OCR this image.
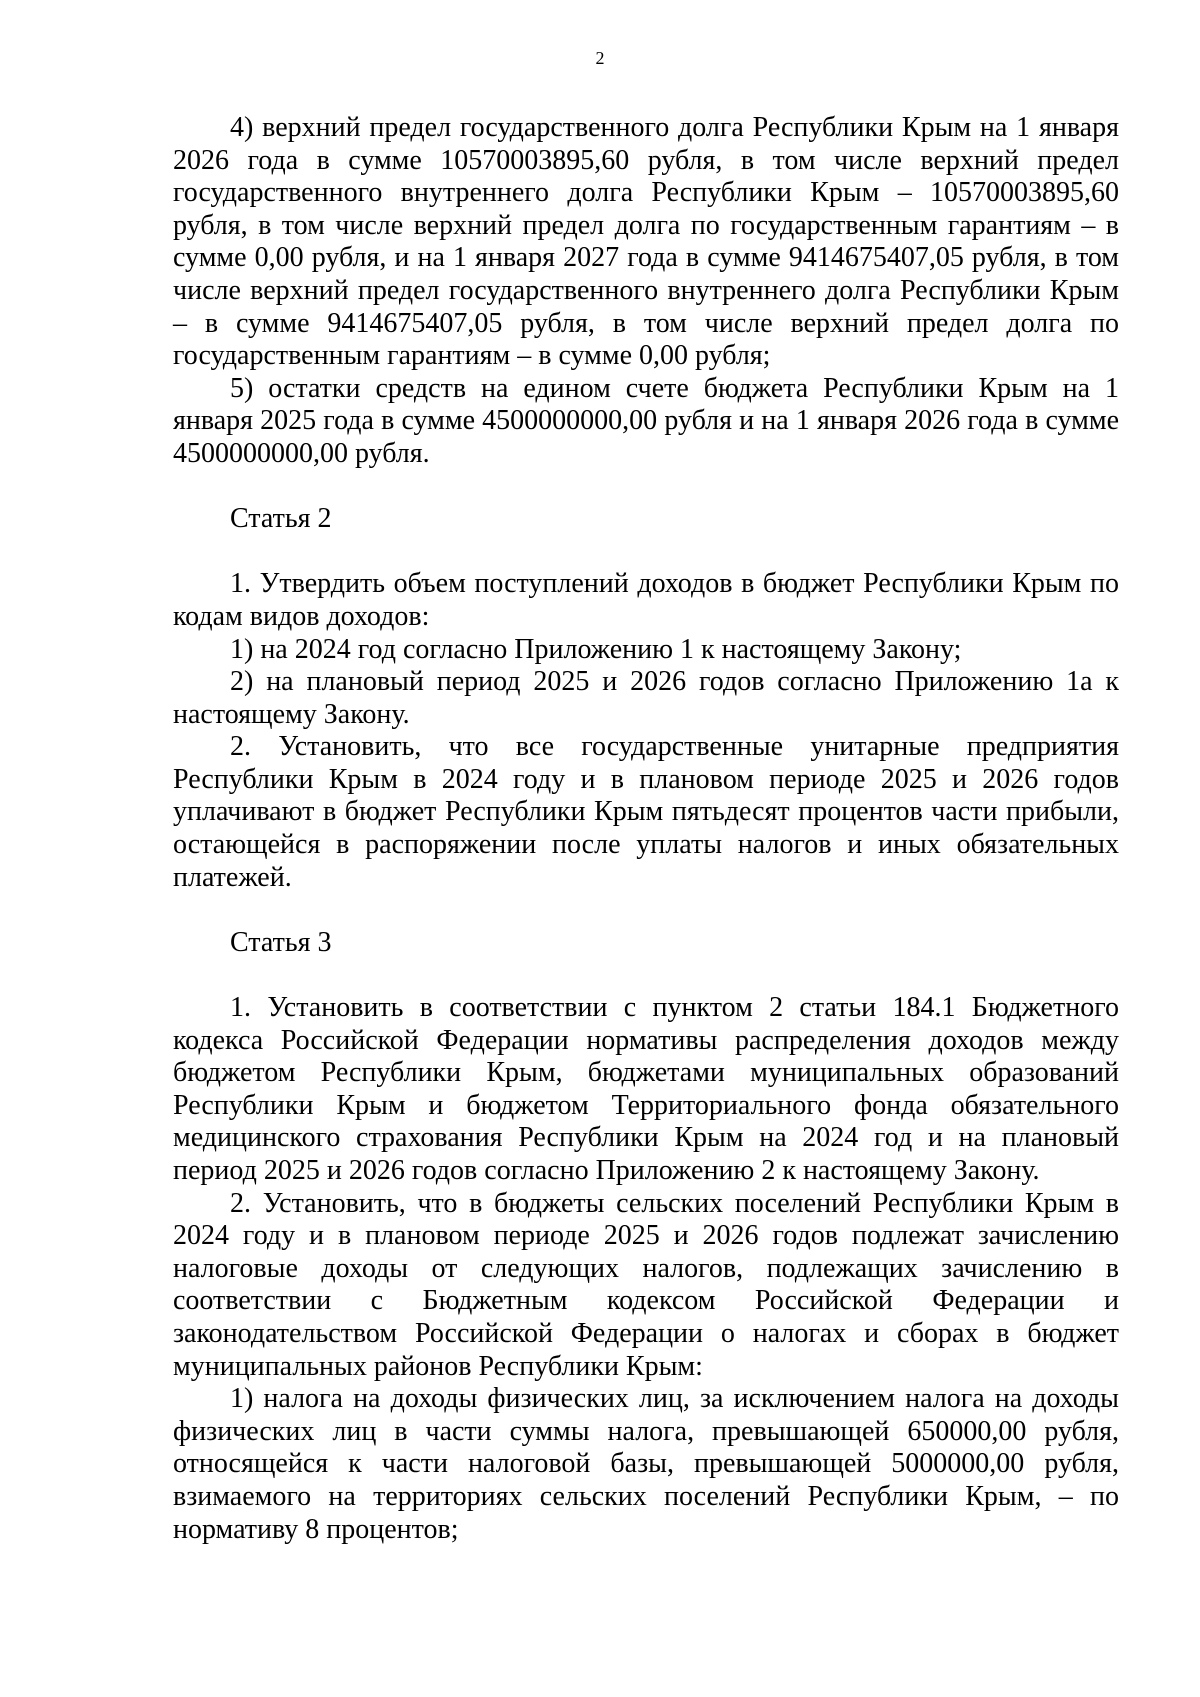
2

4) верхний предел государственного долга Республики Крым на 1 января 2026 года в сумме 10570003895,60 рубля, в том числе верхний предел государственного внутреннего долга Республики Крым – 10570003895,60 рубля, в том числе верхний предел долга по государственным гарантиям – в сумме 0,00 рубля, и на 1 января 2027 года в сумме 9414675407,05 рубля, в том числе верхний предел государственного внутреннего долга Республики Крым – в сумме 9414675407,05 рубля, в том числе верхний предел долга по государственным гарантиям – в сумме 0,00 рубля;

5) остатки средств на едином счете бюджета Республики Крым на 1 января 2025 года в сумме 4500000000,00 рубля и на 1 января 2026 года в сумме 4500000000,00 рубля.

Статья 2

1. Утвердить объем поступлений доходов в бюджет Республики Крым по кодам видов доходов:

1) на 2024 год согласно Приложению 1 к настоящему Закону;

2) на плановый период 2025 и 2026 годов согласно Приложению 1а к настоящему Закону.

2. Установить, что все государственные унитарные предприятия Республики Крым в 2024 году и в плановом периоде 2025 и 2026 годов уплачивают в бюджет Республики Крым пятьдесят процентов части прибыли, остающейся в распоряжении после уплаты налогов и иных обязательных платежей.

Статья 3

1. Установить в соответствии с пунктом 2 статьи 184.1 Бюджетного кодекса Российской Федерации нормативы распределения доходов между бюджетом Республики Крым, бюджетами муниципальных образований Республики Крым и бюджетом Территориального фонда обязательного медицинского страхования Республики Крым на 2024 год и на плановый период 2025 и 2026 годов согласно Приложению 2 к настоящему Закону.

2. Установить, что в бюджеты сельских поселений Республики Крым в 2024 году и в плановом периоде 2025 и 2026 годов подлежат зачислению налоговые доходы от следующих налогов, подлежащих зачислению в соответствии с Бюджетным кодексом Российской Федерации и законодательством Российской Федерации о налогах и сборах в бюджет муниципальных районов Республики Крым:

1) налога на доходы физических лиц, за исключением налога на доходы физических лиц в части суммы налога, превышающей 650000,00 рубля, относящейся к части налоговой базы, превышающей 5000000,00 рубля, взимаемого на территориях сельских поселений Республики Крым, – по нормативу 8 процентов;
